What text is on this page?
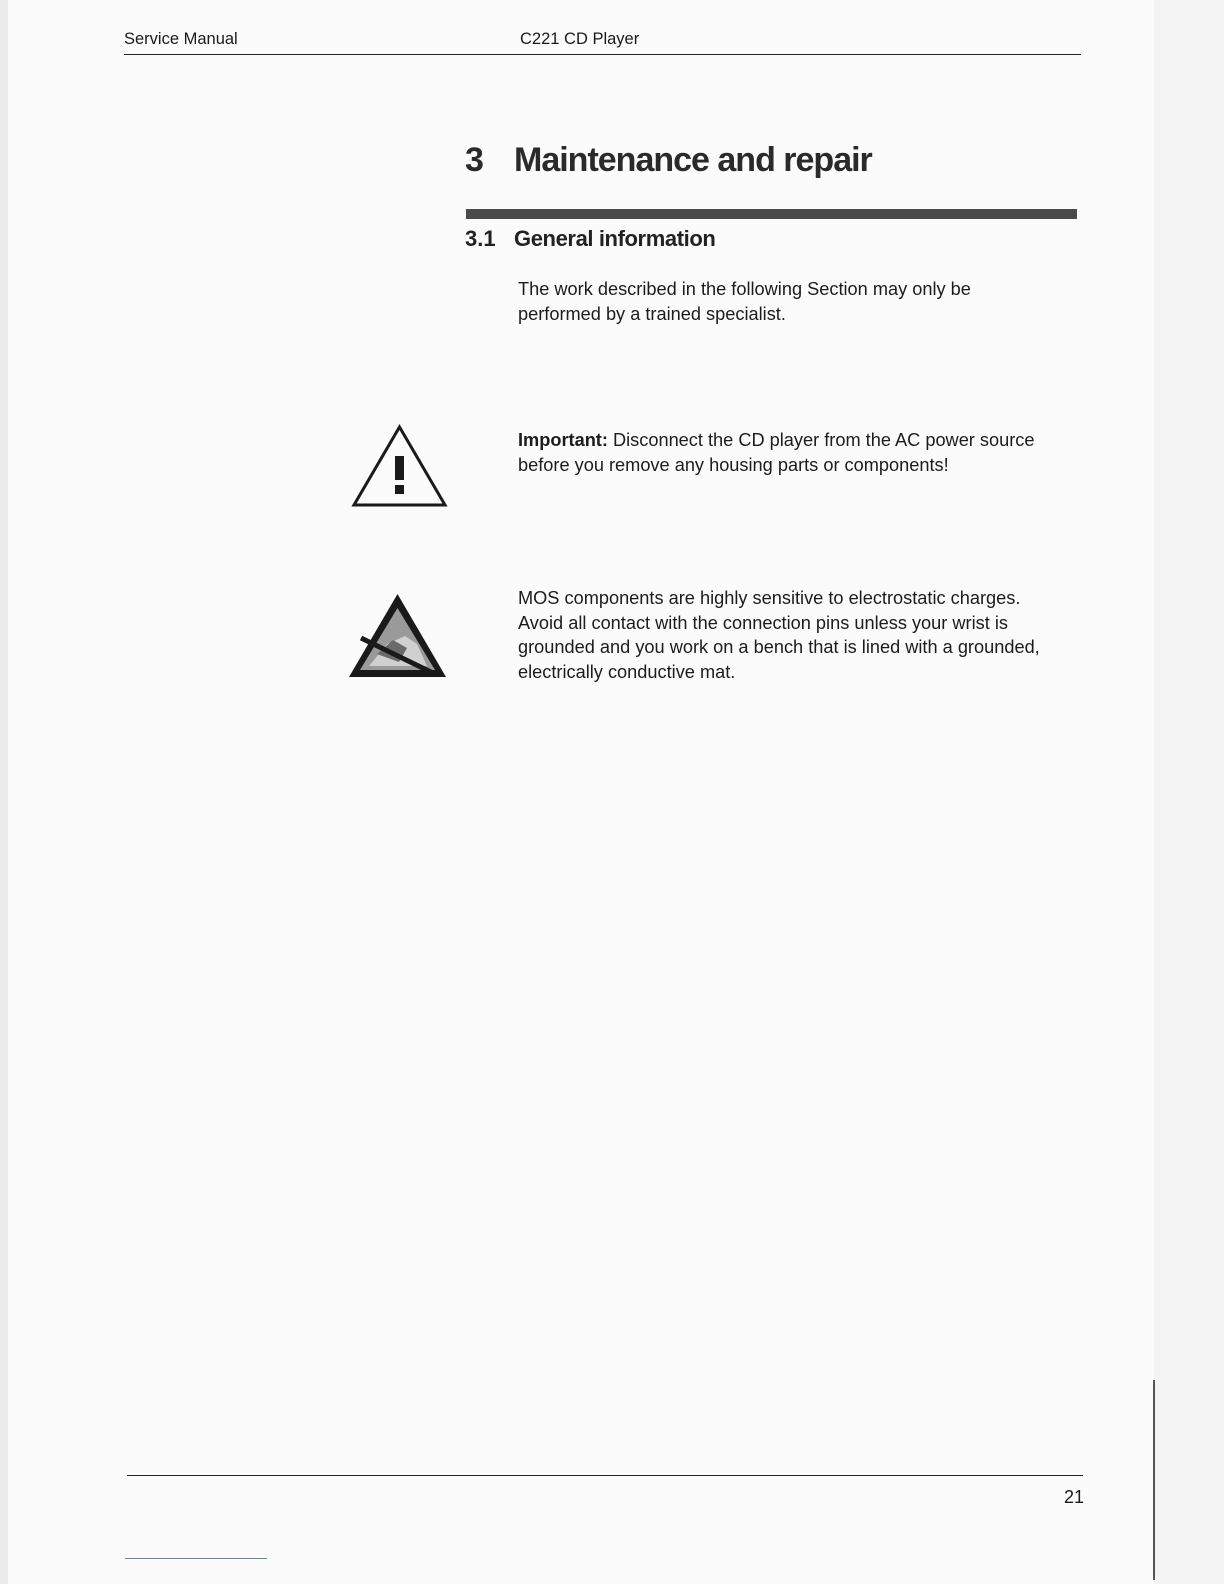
Service Manual	C221 CD Player
3 Maintenance and repair
3.1 General information
The work described in the following Section may only be
performed by a trained specialist.
Important: Disconnect the CD player from the AC power source
before you remove any housing parts or components!
MOS components are highly sensitive to electrostatic charges.
Avoid all contact with the connection pins unless your wrist is
grounded and you work on a bench that is lined with a grounded,
electrically conductive mat.
21
